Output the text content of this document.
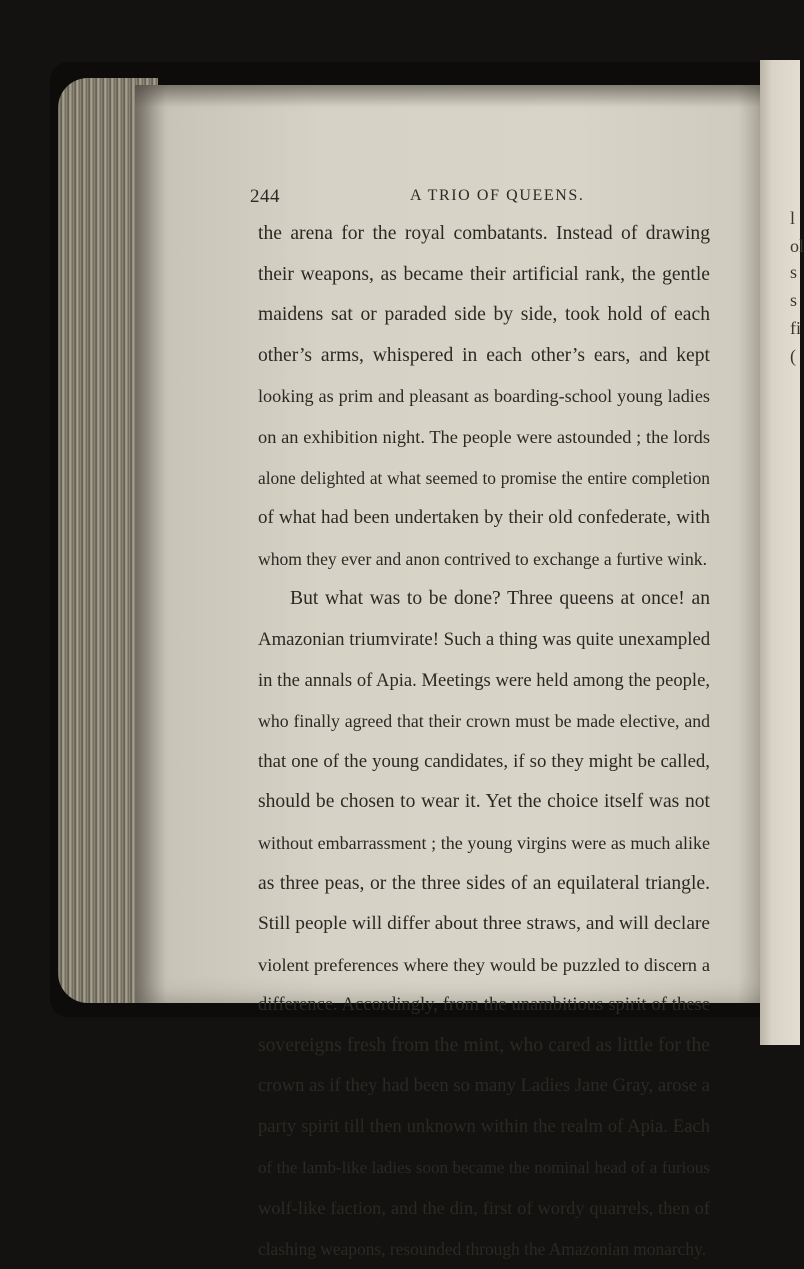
l
ol
s
s
fi
(
244	A TRIO OF QUEENS.
the arena for the royal combatants. Instead of drawing
their weapons, as became their artificial rank, the gentle
maidens sat or paraded side by side, took hold of each
other’s arms, whispered in each other’s ears, and kept
looking as prim and pleasant as boarding-school young ladies
on an exhibition night. The people were astounded ; the lords
alone delighted at what seemed to promise the entire completion
of what had been undertaken by their old confederate, with
whom they ever and anon contrived to exchange a furtive wink.
But what was to be done? Three queens at once! an
Amazonian triumvirate! Such a thing was quite unexampled
in the annals of Apia. Meetings were held among the people,
who finally agreed that their crown must be made elective, and
that one of the young candidates, if so they might be called,
should be chosen to wear it. Yet the choice itself was not
without embarrassment ; the young virgins were as much alike
as three peas, or the three sides of an equilateral triangle.
Still people will differ about three straws, and will declare
violent preferences where they would be puzzled to discern a
difference. Accordingly, from the unambitious spirit of these
sovereigns fresh from the mint, who cared as little for the
crown as if they had been so many Ladies Jane Gray, arose a
party spirit till then unknown within the realm of Apia. Each
of the lamb-like ladies soon became the nominal head of a furious
wolf-like faction, and the din, first of wordy quarrels, then of
clashing weapons, resounded through the Amazonian monarchy.
